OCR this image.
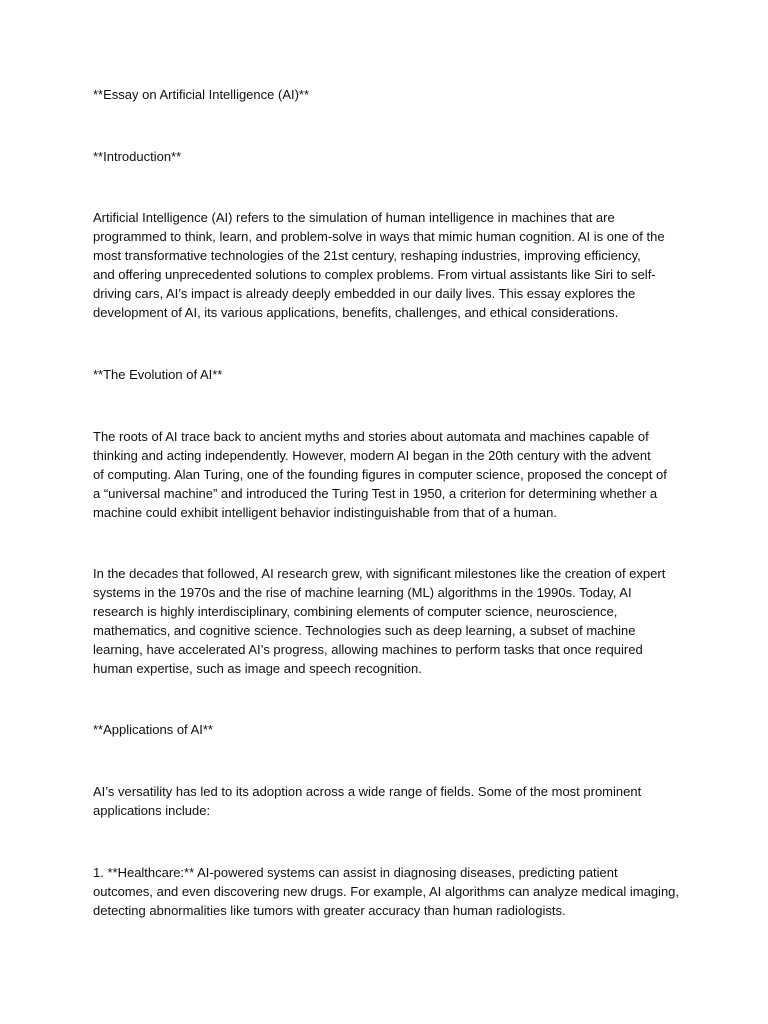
**Essay on Artificial Intelligence (AI)**
**Introduction**
Artificial Intelligence (AI) refers to the simulation of human intelligence in machines that are
programmed to think, learn, and problem-solve in ways that mimic human cognition. AI is one of the
most transformative technologies of the 21st century, reshaping industries, improving efficiency,
and offering unprecedented solutions to complex problems. From virtual assistants like Siri to self-
driving cars, AI’s impact is already deeply embedded in our daily lives. This essay explores the
development of AI, its various applications, benefits, challenges, and ethical considerations.
**The Evolution of AI**
The roots of AI trace back to ancient myths and stories about automata and machines capable of
thinking and acting independently. However, modern AI began in the 20th century with the advent
of computing. Alan Turing, one of the founding figures in computer science, proposed the concept of
a “universal machine” and introduced the Turing Test in 1950, a criterion for determining whether a
machine could exhibit intelligent behavior indistinguishable from that of a human.
In the decades that followed, AI research grew, with significant milestones like the creation of expert
systems in the 1970s and the rise of machine learning (ML) algorithms in the 1990s. Today, AI
research is highly interdisciplinary, combining elements of computer science, neuroscience,
mathematics, and cognitive science. Technologies such as deep learning, a subset of machine
learning, have accelerated AI’s progress, allowing machines to perform tasks that once required
human expertise, such as image and speech recognition.
**Applications of AI**
AI’s versatility has led to its adoption across a wide range of fields. Some of the most prominent
applications include:
1. **Healthcare:** AI-powered systems can assist in diagnosing diseases, predicting patient
outcomes, and even discovering new drugs. For example, AI algorithms can analyze medical imaging,
detecting abnormalities like tumors with greater accuracy than human radiologists.
